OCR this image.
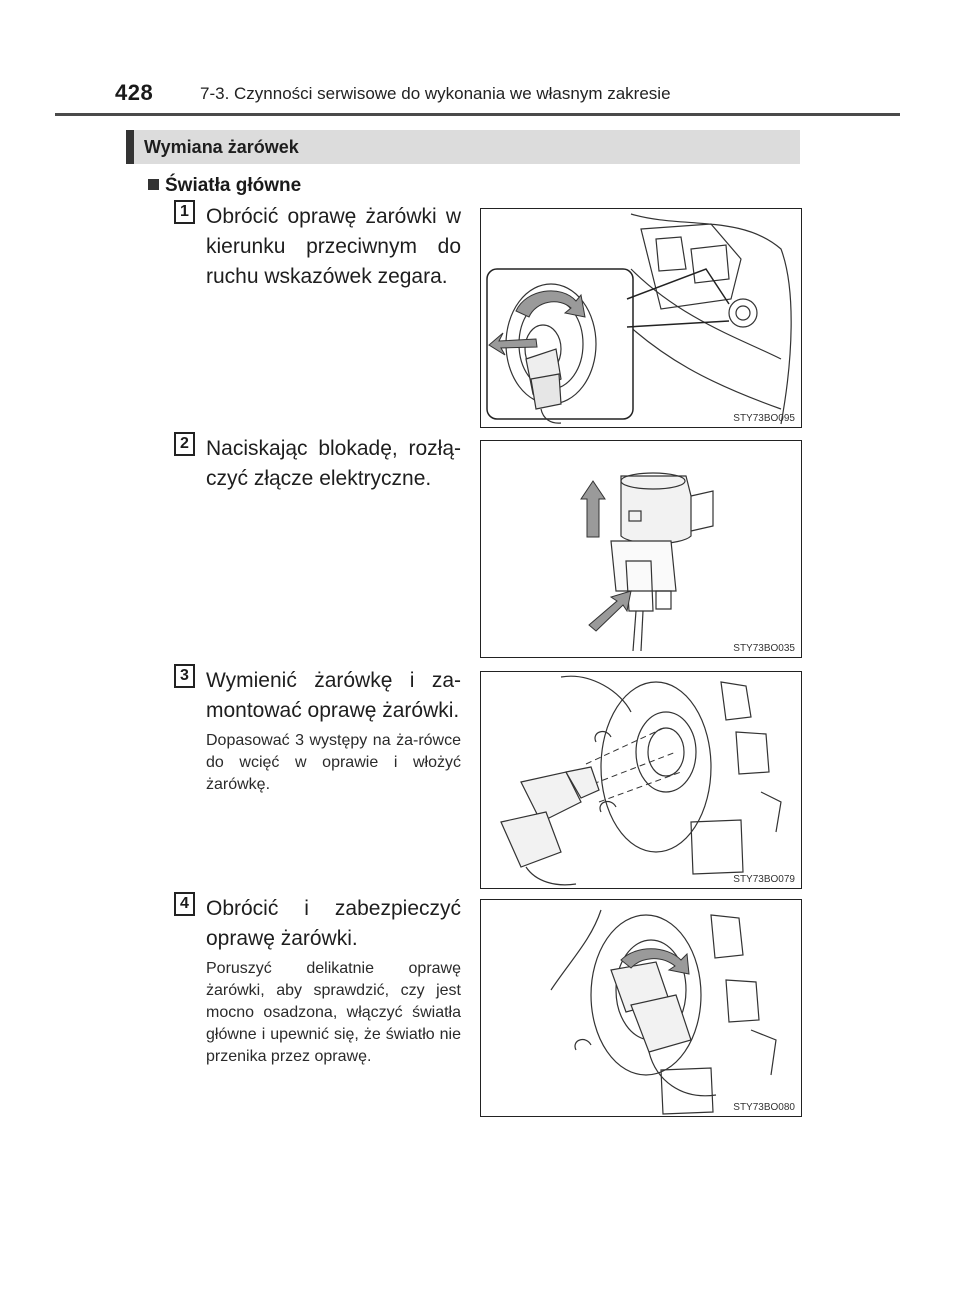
428	7-3. Czynności serwisowe do wykonania we własnym zakresie
Wymiana żarówek
Światła główne
1 Obrócić oprawę żarówki w kierunku przeciwnym do ruchu wskazówek zegara.
STY73BO095
2 Naciskając blokadę, rozłą-czyć złącze elektryczne.
STY73BO035
3 Wymienić żarówkę i za-montować oprawę żarówki.
Dopasować 3 występy na ża-rówce do wcięć w oprawie i włożyć żarówkę.
STY73BO079
4 Obrócić i zabezpieczyć oprawę żarówki.
Poruszyć delikatnie oprawę żarówki, aby sprawdzić, czy jest mocno osadzona, włączyć światła główne i upewnić się, że światło nie przenika przez oprawę.
STY73BO080
